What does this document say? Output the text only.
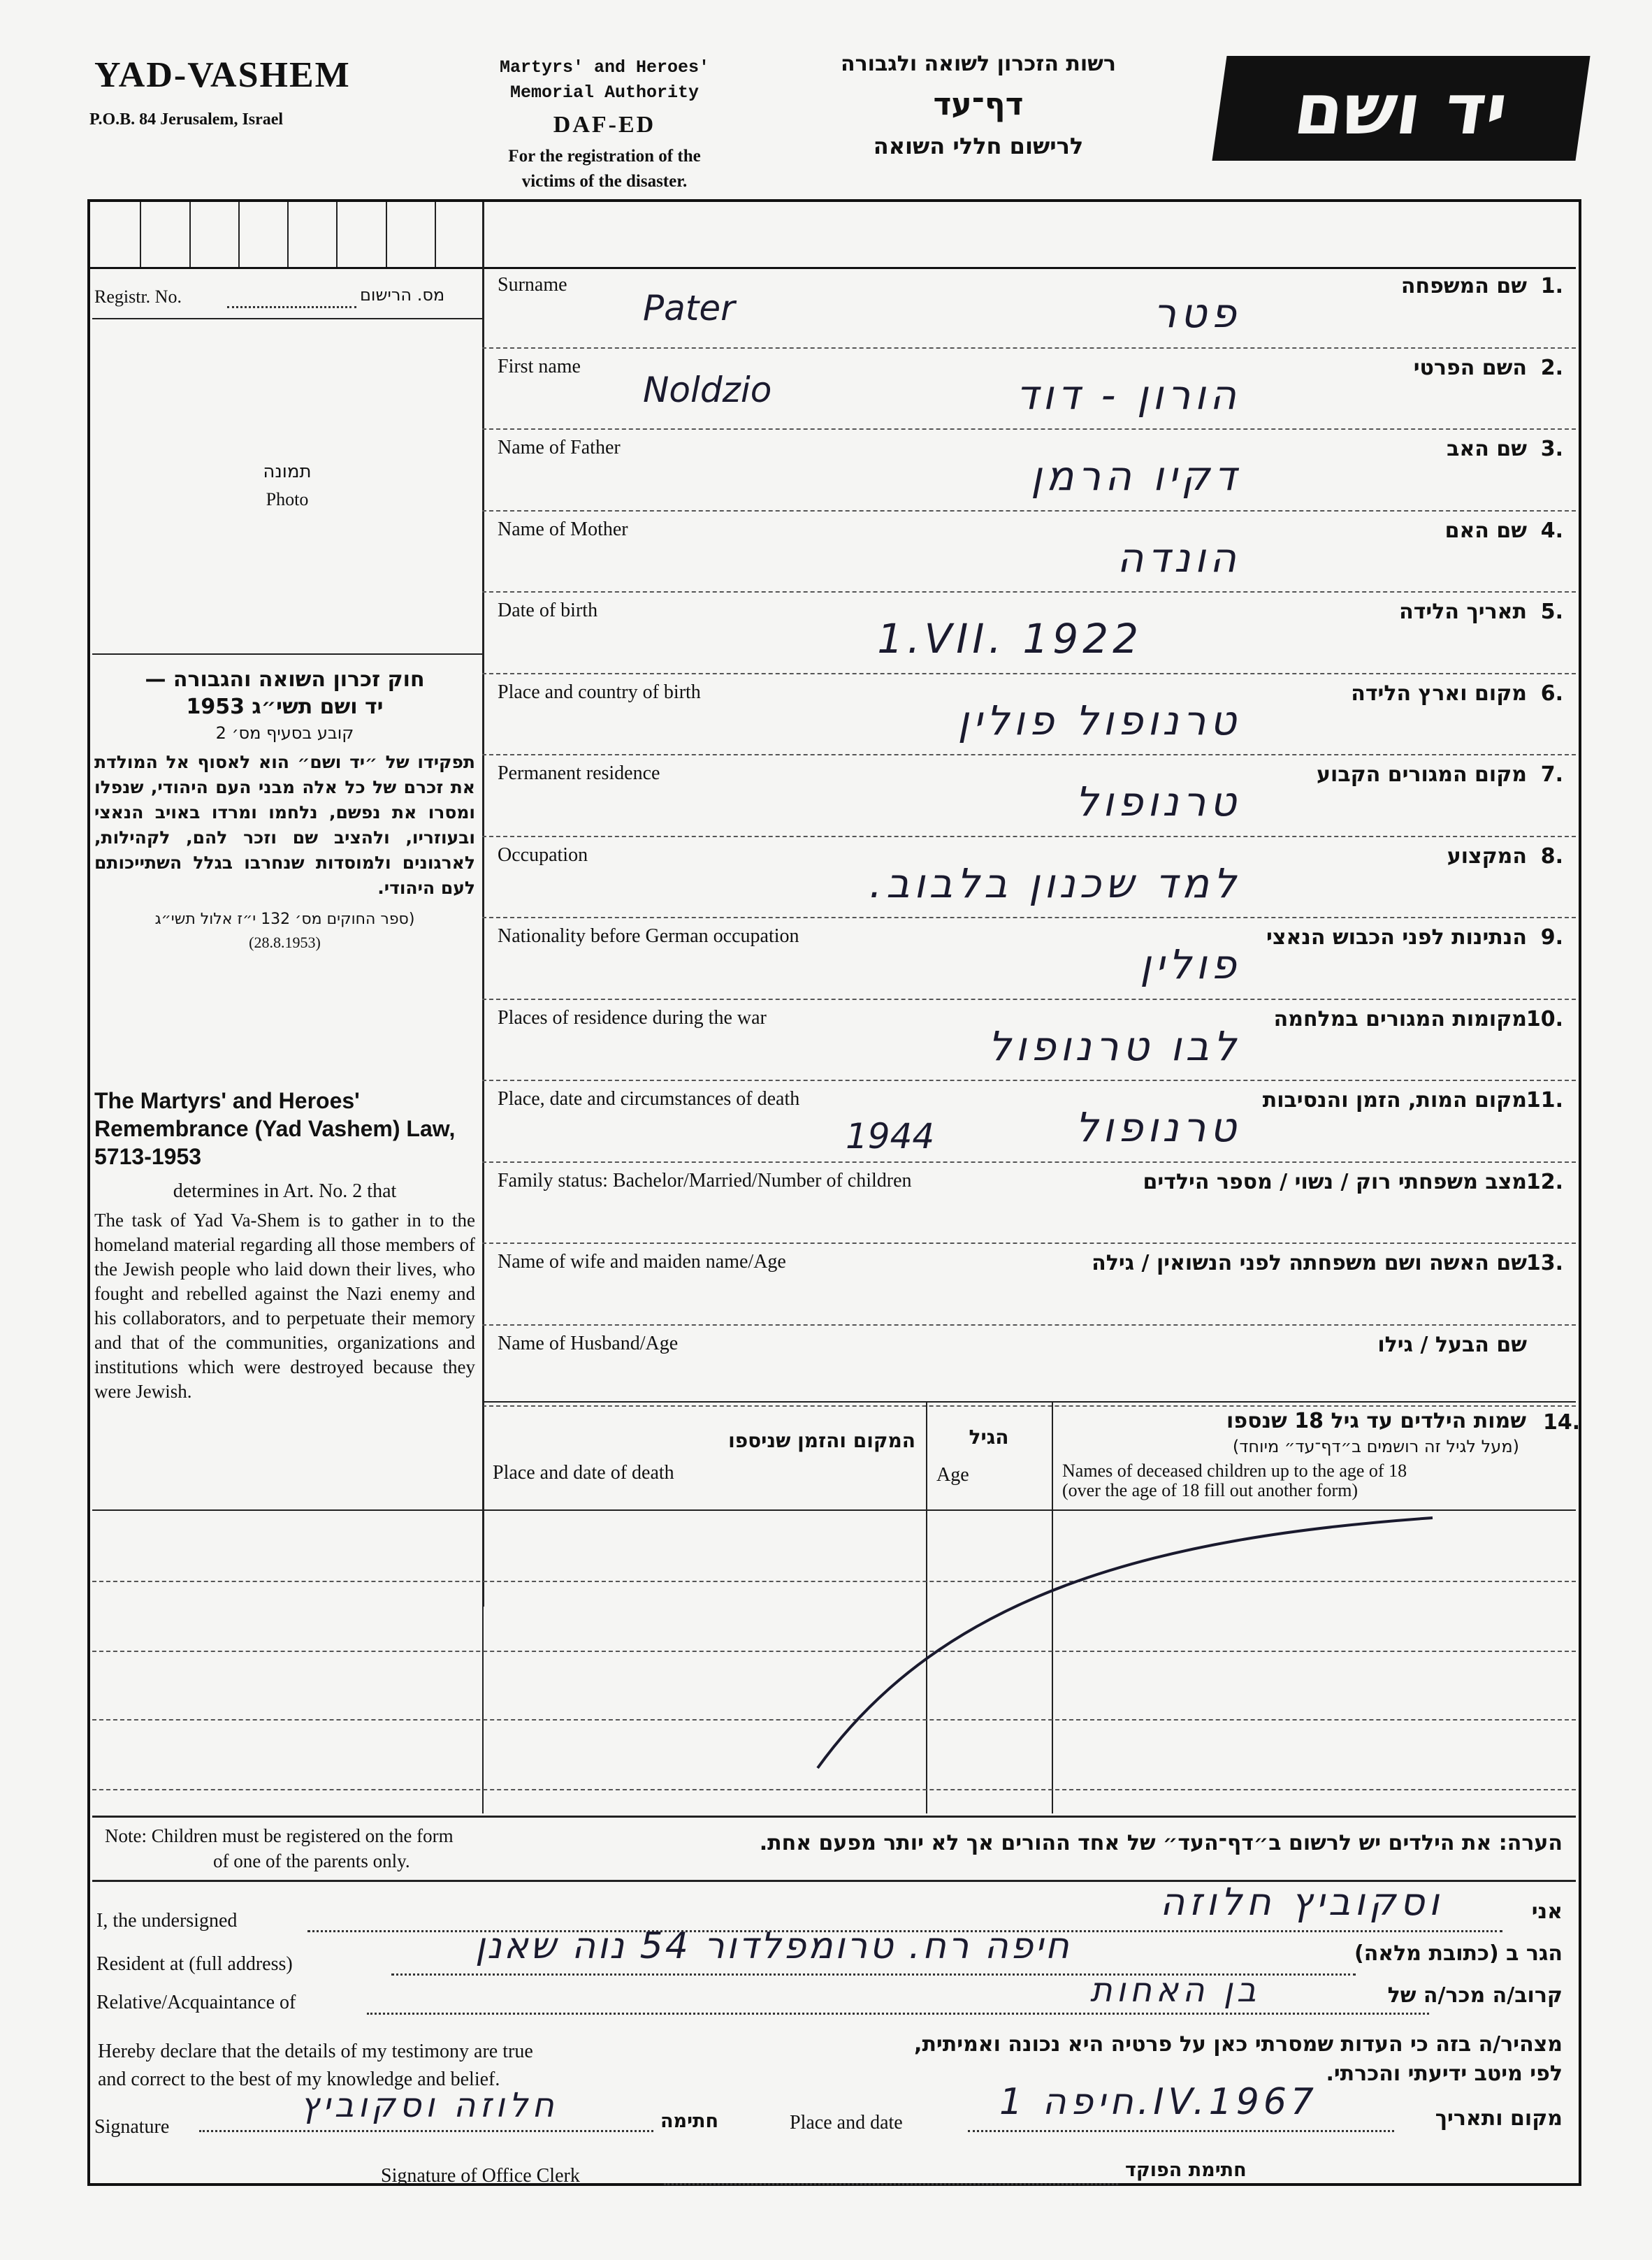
YAD-VASHEM
P.O.B. 84 Jerusalem, Israel
Martyrs' and Heroes'
Memorial Authority
DAF-ED
For the registration of the
victims of the disaster.
רשות הזכרון לשואה ולגבורה
דף־עד
לרישום חללי השואה	יד ושם
Registr. No.	מס. הרישום
תמונה
Photo

חוק זכרון השואה והגבורה —

יד ושם תשי״ג 1953

קובע בסעיף מס׳ 2

תפקידו של ״יד ושם״ הוא לאסוף אל המולדת את זכרם של כל אלה מבני העם היהודי, שנפלו ומסרו את נפשם, נלחמו ומרדו באויב הנאצי ובעוזריו, ולהציב שם וזכר להם, לקהילות, לארגונים ולמוסדות שנחרבו בגלל השתייכותם לעם היהודי.

(ספר החוקים מס׳ 132 י״ז אלול תשי״ג

(28.8.1953)

The Martyrs' and Heroes' Remembrance (Yad Vashem) Law, 5713-1953
determines in Art. No. 2 that
The task of Yad Va-Shem is to gather in to the homeland material regarding all those members of the Jewish people who laid down their lives, who fought and rebelled against the Nazi enemy and his collaborators, and to perpetuate their memory and that of the communities, organizations and institutions which were destroyed because they were Jewish.
Surname	שם המשפחה 1.
פטר
Pater
First name	השם הפרטי 2.
הורון - דוד
Noldzio
Name of Father	שם האב 3.
דקיו הרמן
Name of Mother	שם האם 4.
הונדה
Date of birth	תאריך הלידה 5.
1.VII. 1922
Place and country of birth	מקום וארץ הלידה 6.
טרנופול פולין
Permanent residence	מקום המגורים הקבוע 7.
טרנופול
Occupation	המקצוע 8.
למד שכנון בלבוב.
Nationality before German occupation	הנתינות לפני הכבוש הנאצי 9.
פולין
Places of residence during the war	מקומות המגורים במלחמה
10.
לבו טרנופול
Place, date and circumstances of death	מקום המות, הזמן והנסיבות
11.
טרנופול
1944
Family status: Bachelor/Married/Number of children	מצב משפחתי רוק / נשוי / מספר הילדים
12.
Name of wife and maiden name/Age	שם האשה ושם משפחתה לפני הנשואין / גילה
13.
Name of Husband/Age	שם הבעל / גילו
14.
שמות הילדים עד גיל 18 שנספו
(מעל לגיל זה רושמים ב״דף־עד״ מיוחד)
Names of deceased children up to the age of 18
(over the age of 18 fill out another form)
הגיל
Age
המקום והזמן שניספו
Place and date of death
Note: Children must be registered on the form
of one of the parents only.
הערה: את הילדים יש לרשום ב״דף־העד״ של אחד ההורים אך לא יותר מפעם אחת.
I, the undersigned	אני
וסקוביץ חלוזה
Resident at (full address)	הגר ב (כתובת מלאה)
חיפה רח. טרומפלדור 54 נוה שאנן
Relative/Acquaintance of	קרוב/ה מכר/ה של
בן האחות
Hereby declare that the details of my testimony are true
and correct to the best of my knowledge and belief.
מצהיר/ה בזה כי העדות שמסרתי כאן על פרטיה היא נכונה ואמיתית,
לפי מיטב ידיעתי והכרתי.
Signature	חתימה
חלוזה וסקוביץ	Place and date	מקום ותאריך
חיפה 1.IV.1967
Signature of Office Clerk	חתימת הפוקד
